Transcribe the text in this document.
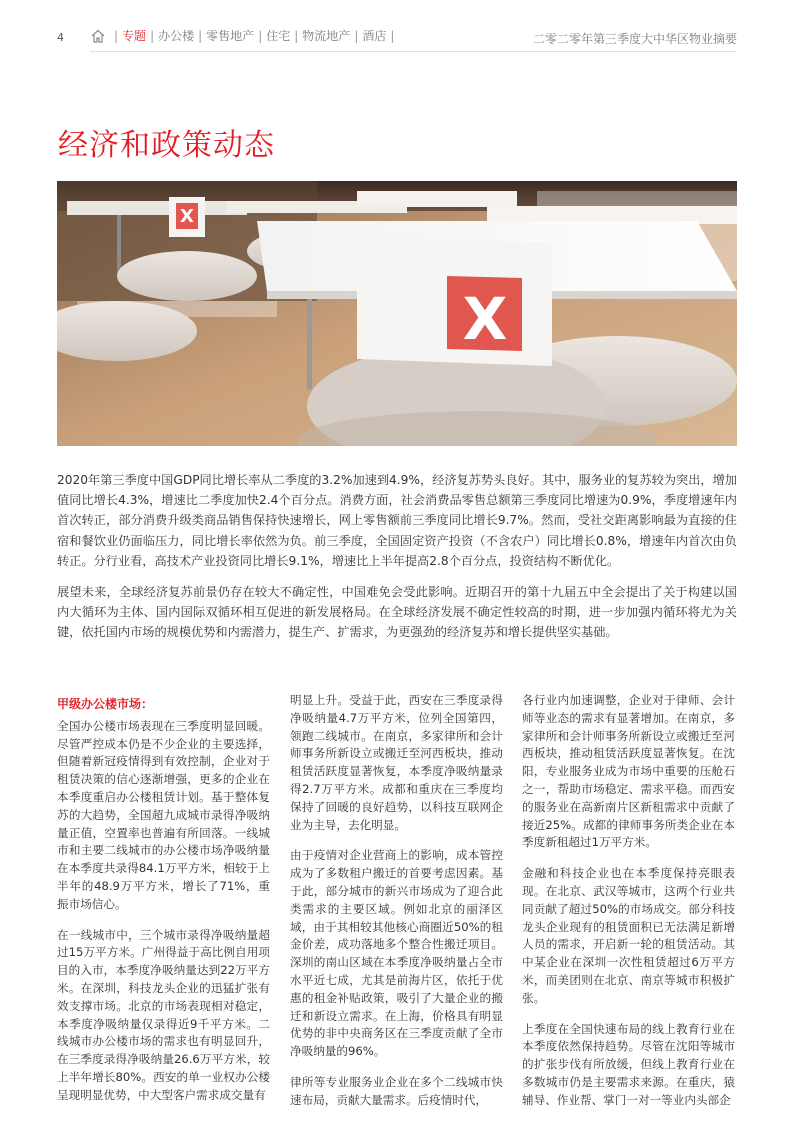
4	| 专题 | 办公楼 | 零售地产 | 住宅 | 物流地产 | 酒店 |	二零二零年第三季度大中华区物业摘要
经济和政策动态
X
X

2020年第三季度中国GDP同比增长率从二季度的3.2%加速到4.9%，经济复苏势头良好。其中，服务业的复苏较为突出，增加值同比增长4.3%，增速比二季度加快2.4个百分点。消费方面，社会消费品零售总额第三季度同比增速为0.9%，季度增速年内首次转正，部分消费升级类商品销售保持快速增长，网上零售额前三季度同比增长9.7%。然而，受社交距离影响最为直接的住宿和餐饮业仍面临压力，同比增长率依然为负。前三季度，全国固定资产投资（不含农户）同比增长0.8%，增速年内首次由负转正。分行业看，高技术产业投资同比增长9.1%，增速比上半年提高2.8个百分点，投资结构不断优化。

展望未来，全球经济复苏前景仍存在较大不确定性，中国难免会受此影响。近期召开的第十九届五中全会提出了关于构建以国内大循环为主体、国内国际双循环相互促进的新发展格局。在全球经济发展不确定性较高的时期，进一步加强内循环将尤为关键，依托国内市场的规模优势和内需潜力，提生产、扩需求，为更强劲的经济复苏和增长提供坚实基础。

甲级办公楼市场：

全国办公楼市场表现在三季度明显回暖。尽管严控成本仍是不少企业的主要选择，但随着新冠疫情得到有效控制，企业对于租赁决策的信心逐渐增强，更多的企业在本季度重启办公楼租赁计划。基于整体复苏的大趋势，全国超九成城市录得净吸纳量正值，空置率也普遍有所回落。一线城市和主要二线城市的办公楼市场净吸纳量在本季度共录得84.1万平方米，相较于上半年的48.9万平方米，增长了71%，重振市场信心。

在一线城市中，三个城市录得净吸纳量超过15万平方米。广州得益于高比例自用项目的入市，本季度净吸纳量达到22万平方米。在深圳，科技龙头企业的迅猛扩张有效支撑市场。北京的市场表现相对稳定，本季度净吸纳量仅录得近9千平方米。二线城市办公楼市场的需求也有明显回升，在三季度录得净吸纳量26.6万平方米，较上半年增长80%。西安的单一业权办公楼呈现明显优势，中大型客户需求成交量有

明显上升。受益于此，西安在三季度录得净吸纳量4.7万平方米，位列全国第四，领跑二线城市。在南京，多家律所和会计师事务所新设立或搬迁至河西板块，推动租赁活跃度显著恢复，本季度净吸纳量录得2.7万平方米。成都和重庆在三季度均保持了回暖的良好趋势，以科技互联网企业为主导，去化明显。

由于疫情对企业营商上的影响，成本管控成为了多数租户搬迁的首要考虑因素。基于此，部分城市的新兴市场成为了迎合此类需求的主要区域。例如北京的丽泽区域，由于其相较其他核心商圈近50%的租金价差，成功落地多个整合性搬迁项目。深圳的南山区域在本季度净吸纳量占全市水平近七成，尤其是前海片区，依托于优惠的租金补贴政策，吸引了大量企业的搬迁和新设立需求。在上海，价格具有明显优势的非中央商务区在三季度贡献了全市净吸纳量的96%。

律所等专业服务业企业在多个二线城市快速布局，贡献大量需求。后疫情时代，

各行业内加速调整，企业对于律师、会计师等业态的需求有显著增加。在南京，多家律所和会计师事务所新设立或搬迁至河西板块，推动租赁活跃度显著恢复。在沈阳，专业服务业成为市场中重要的压舱石之一，帮助市场稳定、需求平稳。而西安的服务业在高新南片区新租需求中贡献了接近25%。成都的律师事务所类企业在本季度新租超过1万平方米。

金融和科技企业也在本季度保持亮眼表现。在北京、武汉等城市，这两个行业共同贡献了超过50%的市场成交。部分科技龙头企业现有的租赁面积已无法满足新增人员的需求，开启新一轮的租赁活动。其中某企业在深圳一次性租赁超过6万平方米，而美团则在北京、南京等城市积极扩张。

上季度在全国快速布局的线上教育行业在本季度依然保持趋势。尽管在沈阳等城市的扩张步伐有所放缓，但线上教育行业在多数城市仍是主要需求来源。在重庆，猿辅导、作业帮、掌门一对一等业内头部企
